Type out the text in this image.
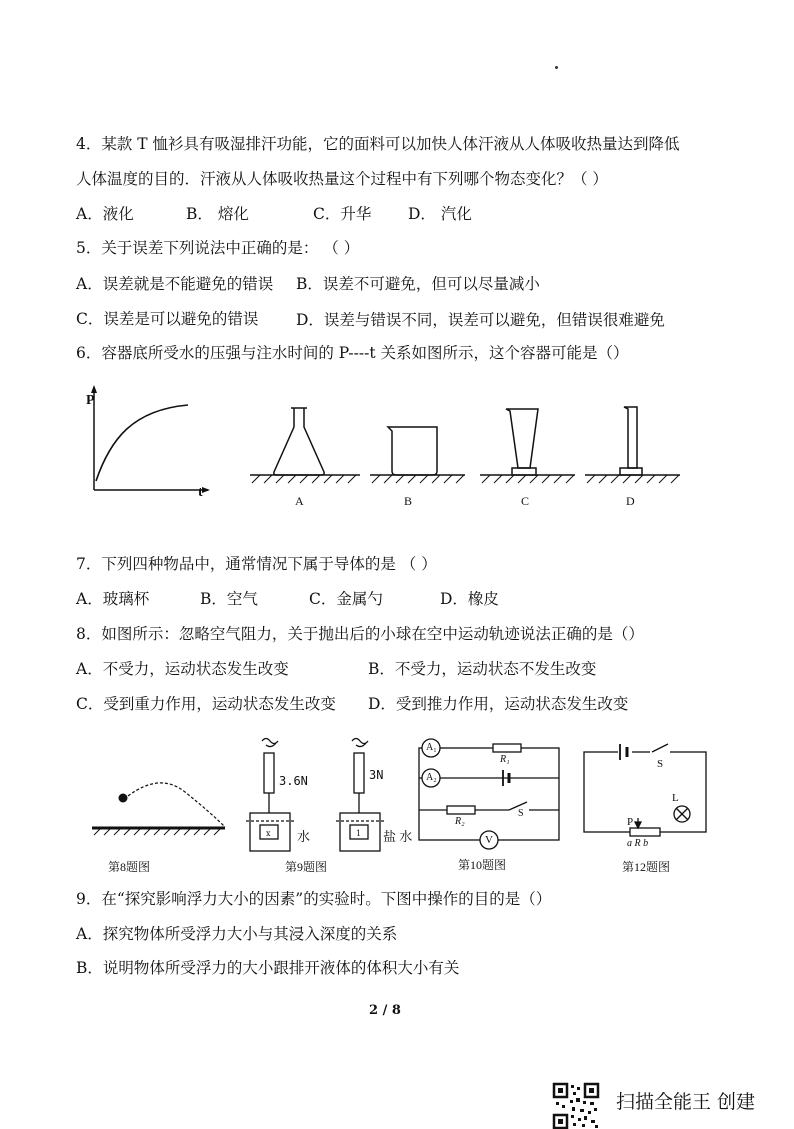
4．某款 T 恤衫具有吸湿排汗功能，它的面料可以加快人体汗液从人体吸收热量达到降低
人体温度的目的．汗液从人体吸收热量这个过程中有下列哪个物态变化？（ ）
A．液化	B． 熔化	C．升华 D． 汽化
5．关于误差下列说法中正确的是： （ ）
A．误差就是不能避免的错误 B．误差不可避免，但可以尽量减小
C．误差是可以避免的错误 D．误差与错误不同，误差可以避免，但错误很难避免
6．容器底所受水的压强与注水时间的 P----t 关系如图所示，这个容器可能是（）
P
t
A	B	C	D
7．下列四种物品中，通常情况下属于导体的是 （ ）
A．玻璃杯	B．空气	C．金属勺	D．橡皮
8．如图所示：忽略空气阻力，关于抛出后的小球在空中运动轨迹说法正确的是（）
A．不受力，运动状态发生改变	B．不受力，运动状态不发生改变
C．受到重力作用，运动状态发生改变 D．受到推力作用，运动状态发生改变
第8题图
x	1
3.6N	3N
水	盐 水
第9题图
A₁
A₂
R₁
R₂
S
V
第10题图
S
L
P
a R b
第12题图
9．在“探究影响浮力大小的因素”的实验时。下图中操作的目的是（）
A．探究物体所受浮力大小与其浸入深度的关系
B．说明物体所受浮力的大小跟排开液体的体积大小有关
2 / 8
扫描全能王 创建
